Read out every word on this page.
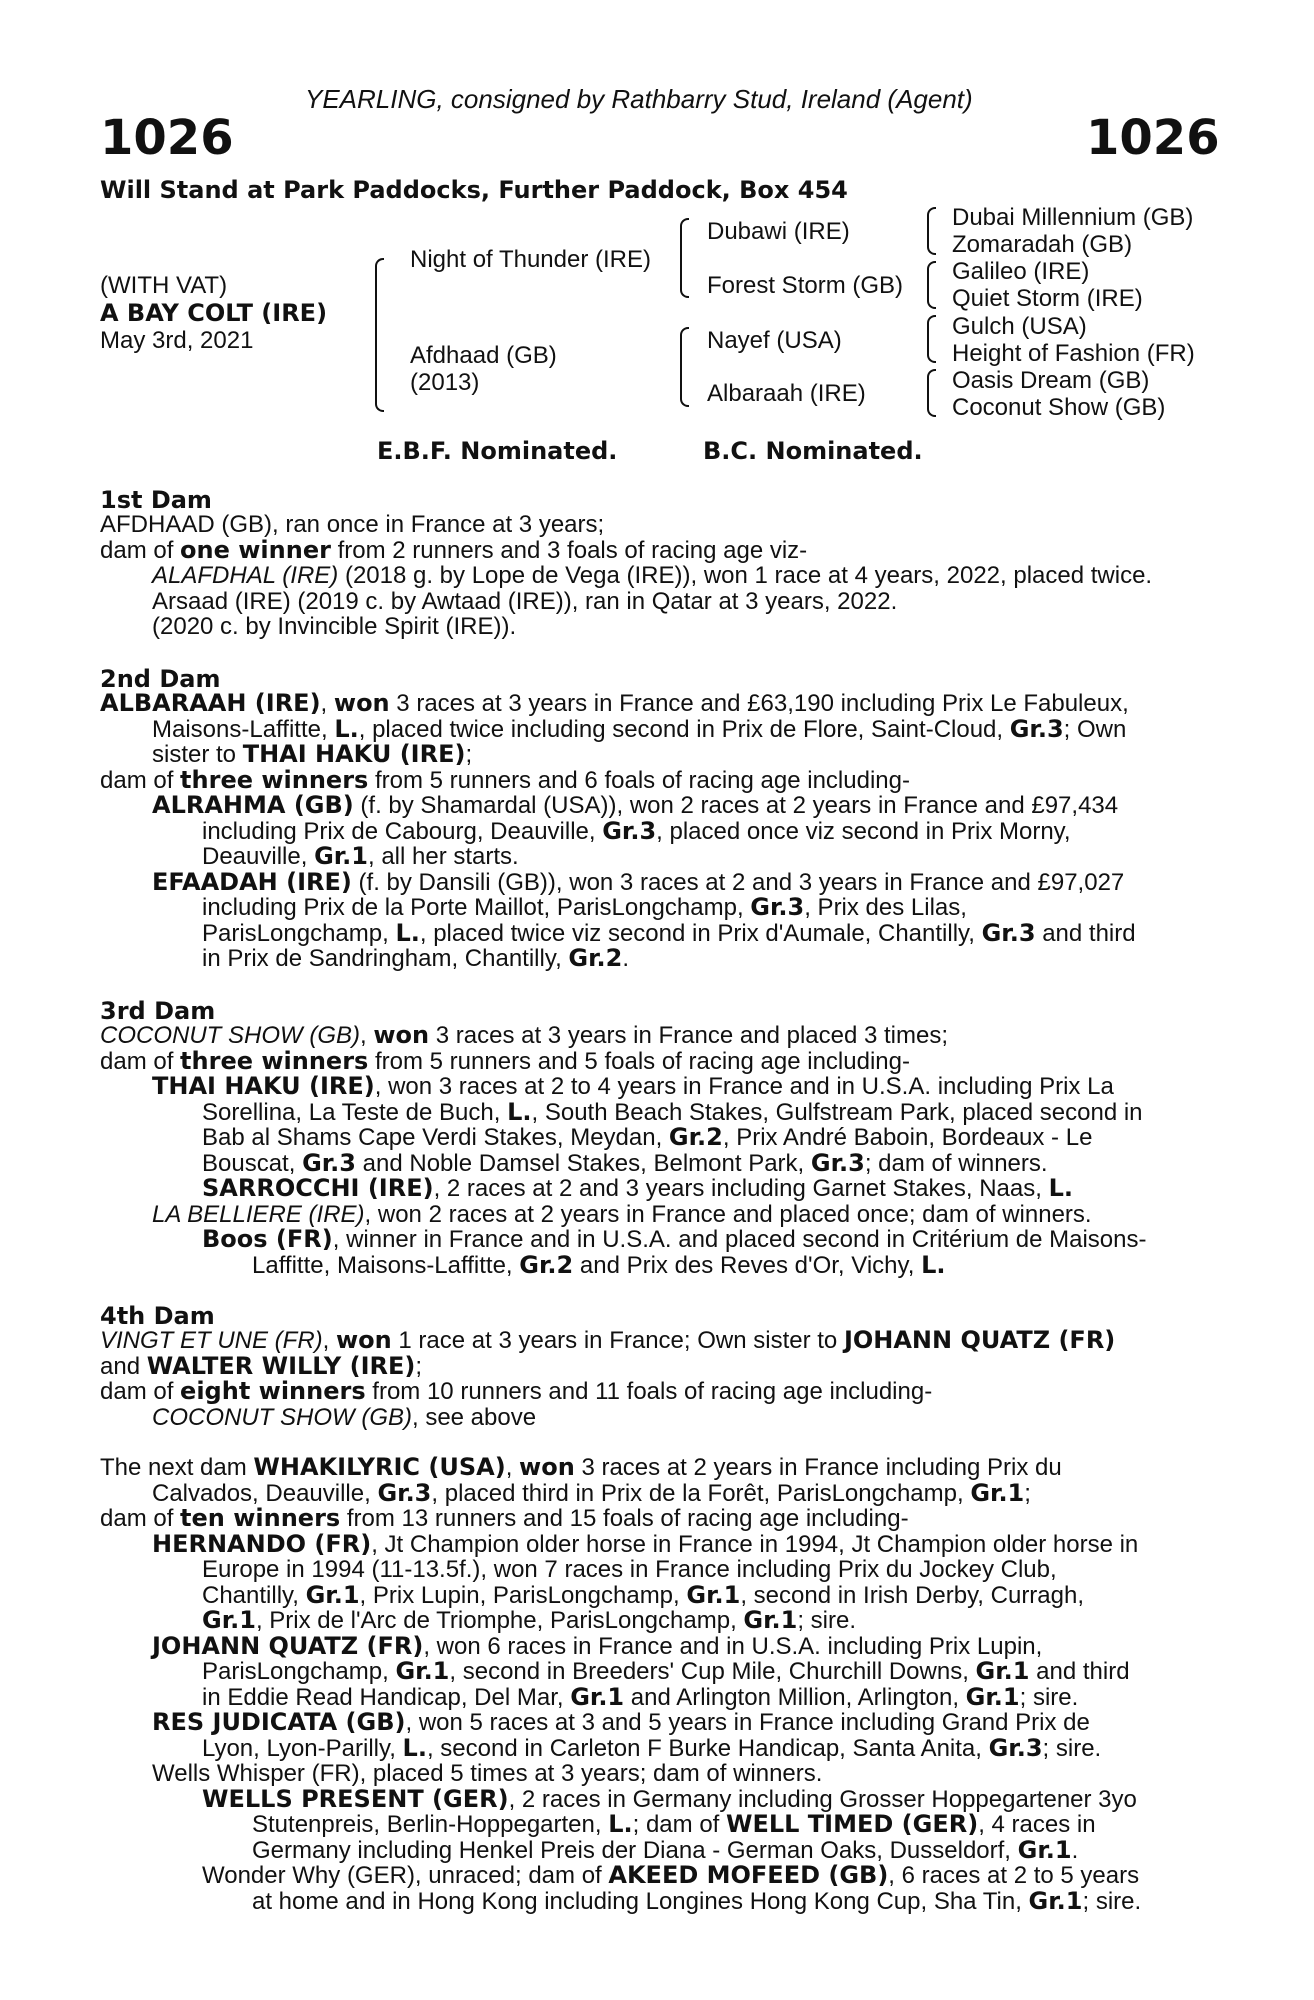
YEARLING, consigned by Rathbarry Stud, Ireland (Agent)
1026	1026
Will Stand at Park Paddocks, Further Paddock, Box 454
(WITH VAT)
A BAY COLT (IRE)
May 3rd, 2021
Night of Thunder (IRE)
Afdhaad (GB)
(2013)
Dubawi (IRE)
Forest Storm (GB)
Nayef (USA)
Albaraah (IRE)
Dubai Millennium (GB)
Zomaradah (GB)
Galileo (IRE)
Quiet Storm (IRE)
Gulch (USA)
Height of Fashion (FR)
Oasis Dream (GB)
Coconut Show (GB)
E.B.F. Nominated.	B.C. Nominated.
1st Dam
AFDHAAD (GB), ran once in France at 3 years;
dam of one winner from 2 runners and 3 foals of racing age viz-
ALAFDHAL (IRE) (2018 g. by Lope de Vega (IRE)), won 1 race at 4 years, 2022, placed twice.
Arsaad (IRE) (2019 c. by Awtaad (IRE)), ran in Qatar at 3 years, 2022.
(2020 c. by Invincible Spirit (IRE)).
2nd Dam
ALBARAAH (IRE), won 3 races at 3 years in France and £63,190 including Prix Le Fabuleux,
Maisons-Laffitte, L., placed twice including second in Prix de Flore, Saint-Cloud, Gr.3; Own
sister to THAI HAKU (IRE);
dam of three winners from 5 runners and 6 foals of racing age including-
ALRAHMA (GB) (f. by Shamardal (USA)), won 2 races at 2 years in France and £97,434
including Prix de Cabourg, Deauville, Gr.3, placed once viz second in Prix Morny,
Deauville, Gr.1, all her starts.
EFAADAH (IRE) (f. by Dansili (GB)), won 3 races at 2 and 3 years in France and £97,027
including Prix de la Porte Maillot, ParisLongchamp, Gr.3, Prix des Lilas,
ParisLongchamp, L., placed twice viz second in Prix d'Aumale, Chantilly, Gr.3 and third
in Prix de Sandringham, Chantilly, Gr.2.
3rd Dam
COCONUT SHOW (GB), won 3 races at 3 years in France and placed 3 times;
dam of three winners from 5 runners and 5 foals of racing age including-
THAI HAKU (IRE), won 3 races at 2 to 4 years in France and in U.S.A. including Prix La
Sorellina, La Teste de Buch, L., South Beach Stakes, Gulfstream Park, placed second in
Bab al Shams Cape Verdi Stakes, Meydan, Gr.2, Prix André Baboin, Bordeaux - Le
Bouscat, Gr.3 and Noble Damsel Stakes, Belmont Park, Gr.3; dam of winners.
SARROCCHI (IRE), 2 races at 2 and 3 years including Garnet Stakes, Naas, L.
LA BELLIERE (IRE), won 2 races at 2 years in France and placed once; dam of winners.
Boos (FR), winner in France and in U.S.A. and placed second in Critérium de Maisons-
Laffitte, Maisons-Laffitte, Gr.2 and Prix des Reves d'Or, Vichy, L.
4th Dam
VINGT ET UNE (FR), won 1 race at 3 years in France; Own sister to JOHANN QUATZ (FR)
and WALTER WILLY (IRE);
dam of eight winners from 10 runners and 11 foals of racing age including-
COCONUT SHOW (GB), see above
The next dam WHAKILYRIC (USA), won 3 races at 2 years in France including Prix du
Calvados, Deauville, Gr.3, placed third in Prix de la Forêt, ParisLongchamp, Gr.1;
dam of ten winners from 13 runners and 15 foals of racing age including-
HERNANDO (FR), Jt Champion older horse in France in 1994, Jt Champion older horse in
Europe in 1994 (11-13.5f.), won 7 races in France including Prix du Jockey Club,
Chantilly, Gr.1, Prix Lupin, ParisLongchamp, Gr.1, second in Irish Derby, Curragh,
Gr.1, Prix de l'Arc de Triomphe, ParisLongchamp, Gr.1; sire.
JOHANN QUATZ (FR), won 6 races in France and in U.S.A. including Prix Lupin,
ParisLongchamp, Gr.1, second in Breeders' Cup Mile, Churchill Downs, Gr.1 and third
in Eddie Read Handicap, Del Mar, Gr.1 and Arlington Million, Arlington, Gr.1; sire.
RES JUDICATA (GB), won 5 races at 3 and 5 years in France including Grand Prix de
Lyon, Lyon-Parilly, L., second in Carleton F Burke Handicap, Santa Anita, Gr.3; sire.
Wells Whisper (FR), placed 5 times at 3 years; dam of winners.
WELLS PRESENT (GER), 2 races in Germany including Grosser Hoppegartener 3yo
Stutenpreis, Berlin-Hoppegarten, L.; dam of WELL TIMED (GER), 4 races in
Germany including Henkel Preis der Diana - German Oaks, Dusseldorf, Gr.1.
Wonder Why (GER), unraced; dam of AKEED MOFEED (GB), 6 races at 2 to 5 years
at home and in Hong Kong including Longines Hong Kong Cup, Sha Tin, Gr.1; sire.
